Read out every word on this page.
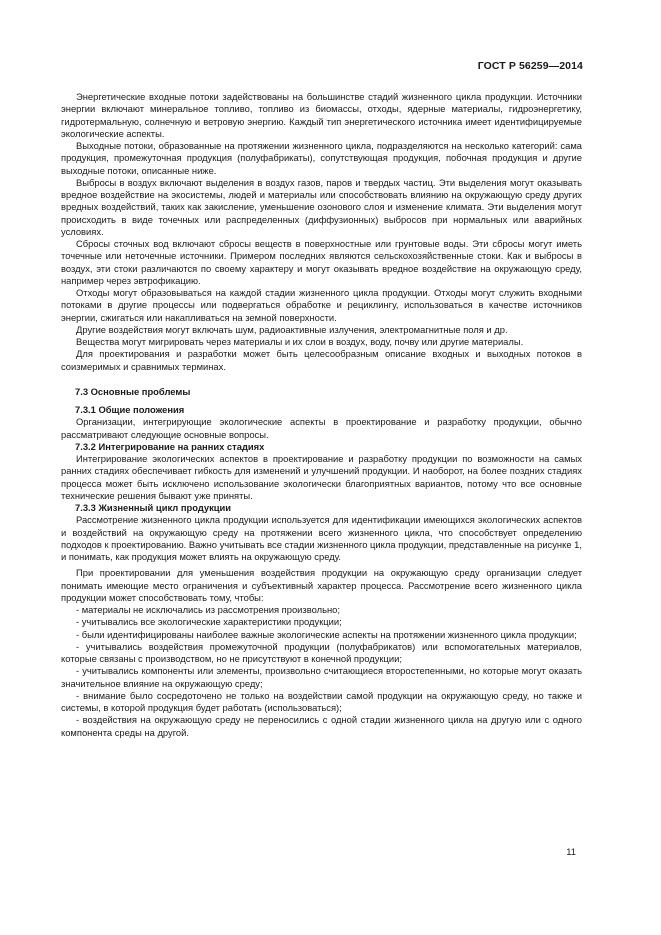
ГОСТ Р 56259—2014

Энергетические входные потоки задействованы на большинстве стадий жизненного цикла продукции. Источники энергии включают минеральное топливо, топливо из биомассы, отходы, ядерные материалы, гидроэнергетику, гидротермальную, солнечную и ветровую энергию. Каждый тип энергетического источника имеет идентифицируемые экологические аспекты.

Выходные потоки, образованные на протяжении жизненного цикла, подразделяются на несколько категорий: сама продукция, промежуточная продукция (полуфабрикаты), сопутствующая продукция, побочная продукция и другие выходные потоки, описанные ниже.

Выбросы в воздух включают выделения в воздух газов, паров и твердых частиц. Эти выделения могут оказывать вредное воздействие на экосистемы, людей и материалы или способствовать влиянию на окружающую среду других вредных воздействий, таких как закисление, уменьшение озонового слоя и изменение климата. Эти выделения могут происходить в виде точечных или распределенных (диффузионных) выбросов при нормальных или аварийных условиях.

Сбросы сточных вод включают сбросы веществ в поверхностные или грунтовые воды. Эти сбросы могут иметь точечные или неточечные источники. Примером последних являются сельскохозяйственные стоки. Как и выбросы в воздух, эти стоки различаются по своему характеру и могут оказывать вредное воздействие на окружающую среду, например через эвтрофикацию.

Отходы могут образовываться на каждой стадии жизненного цикла продукции. Отходы могут служить входными потоками в другие процессы или подвергаться обработке и рециклингу, использоваться в качестве источников энергии, сжигаться или накапливаться на земной поверхности.

Другие воздействия могут включать шум, радиоактивные излучения, электромагнитные поля и др.

Вещества могут мигрировать через материалы и их слои в воздух, воду, почву или другие материалы.

Для проектирования и разработки может быть целесообразным описание входных и выходных потоков в соизмеримых и сравнимых терминах.

7.3 Основные проблемы

7.3.1 Общие положения

Организации, интегрирующие экологические аспекты в проектирование и разработку продукции, обычно рассматривают следующие основные вопросы.

7.3.2 Интегрирование на ранних стадиях

Интегрирование экологических аспектов в проектирование и разработку продукции по возможности на самых ранних стадиях обеспечивает гибкость для изменений и улучшений продукции. И наоборот, на более поздних стадиях процесса может быть исключено использование экологически благоприятных вариантов, потому что все основные технические решения бывают уже приняты.

7.3.3 Жизненный цикл продукции

Рассмотрение жизненного цикла продукции используется для идентификации имеющихся экологических аспектов и воздействий на окружающую среду на протяжении всего жизненного цикла, что способствует определению подходов к проектированию. Важно учитывать все стадии жизненного цикла продукции, представленные на рисунке 1, и понимать, как продукция может влиять на окружающую среду.

При проектировании для уменьшения воздействия продукции на окружающую среду организации следует понимать имеющие место ограничения и субъективный характер процесса. Рассмотрение всего жизненного цикла продукции может способствовать тому, чтобы:

- материалы не исключались из рассмотрения произвольно;

- учитывались все экологические характеристики продукции;

- были идентифицированы наиболее важные экологические аспекты на протяжении жизненного цикла продукции;

- учитывались воздействия промежуточной продукции (полуфабрикатов) или вспомогательных материалов, которые связаны с производством, но не присутствуют в конечной продукции;

- учитывались компоненты или элементы, произвольно считающиеся второстепенными, но которые могут оказать значительное влияние на окружающую среду;

- внимание было сосредоточено не только на воздействии самой продукции на окружающую среду, но также и системы, в которой продукция будет работать (использоваться);

- воздействия на окружающую среду не переносились с одной стадии жизненного цикла на другую или с одного компонента среды на другой.

11
